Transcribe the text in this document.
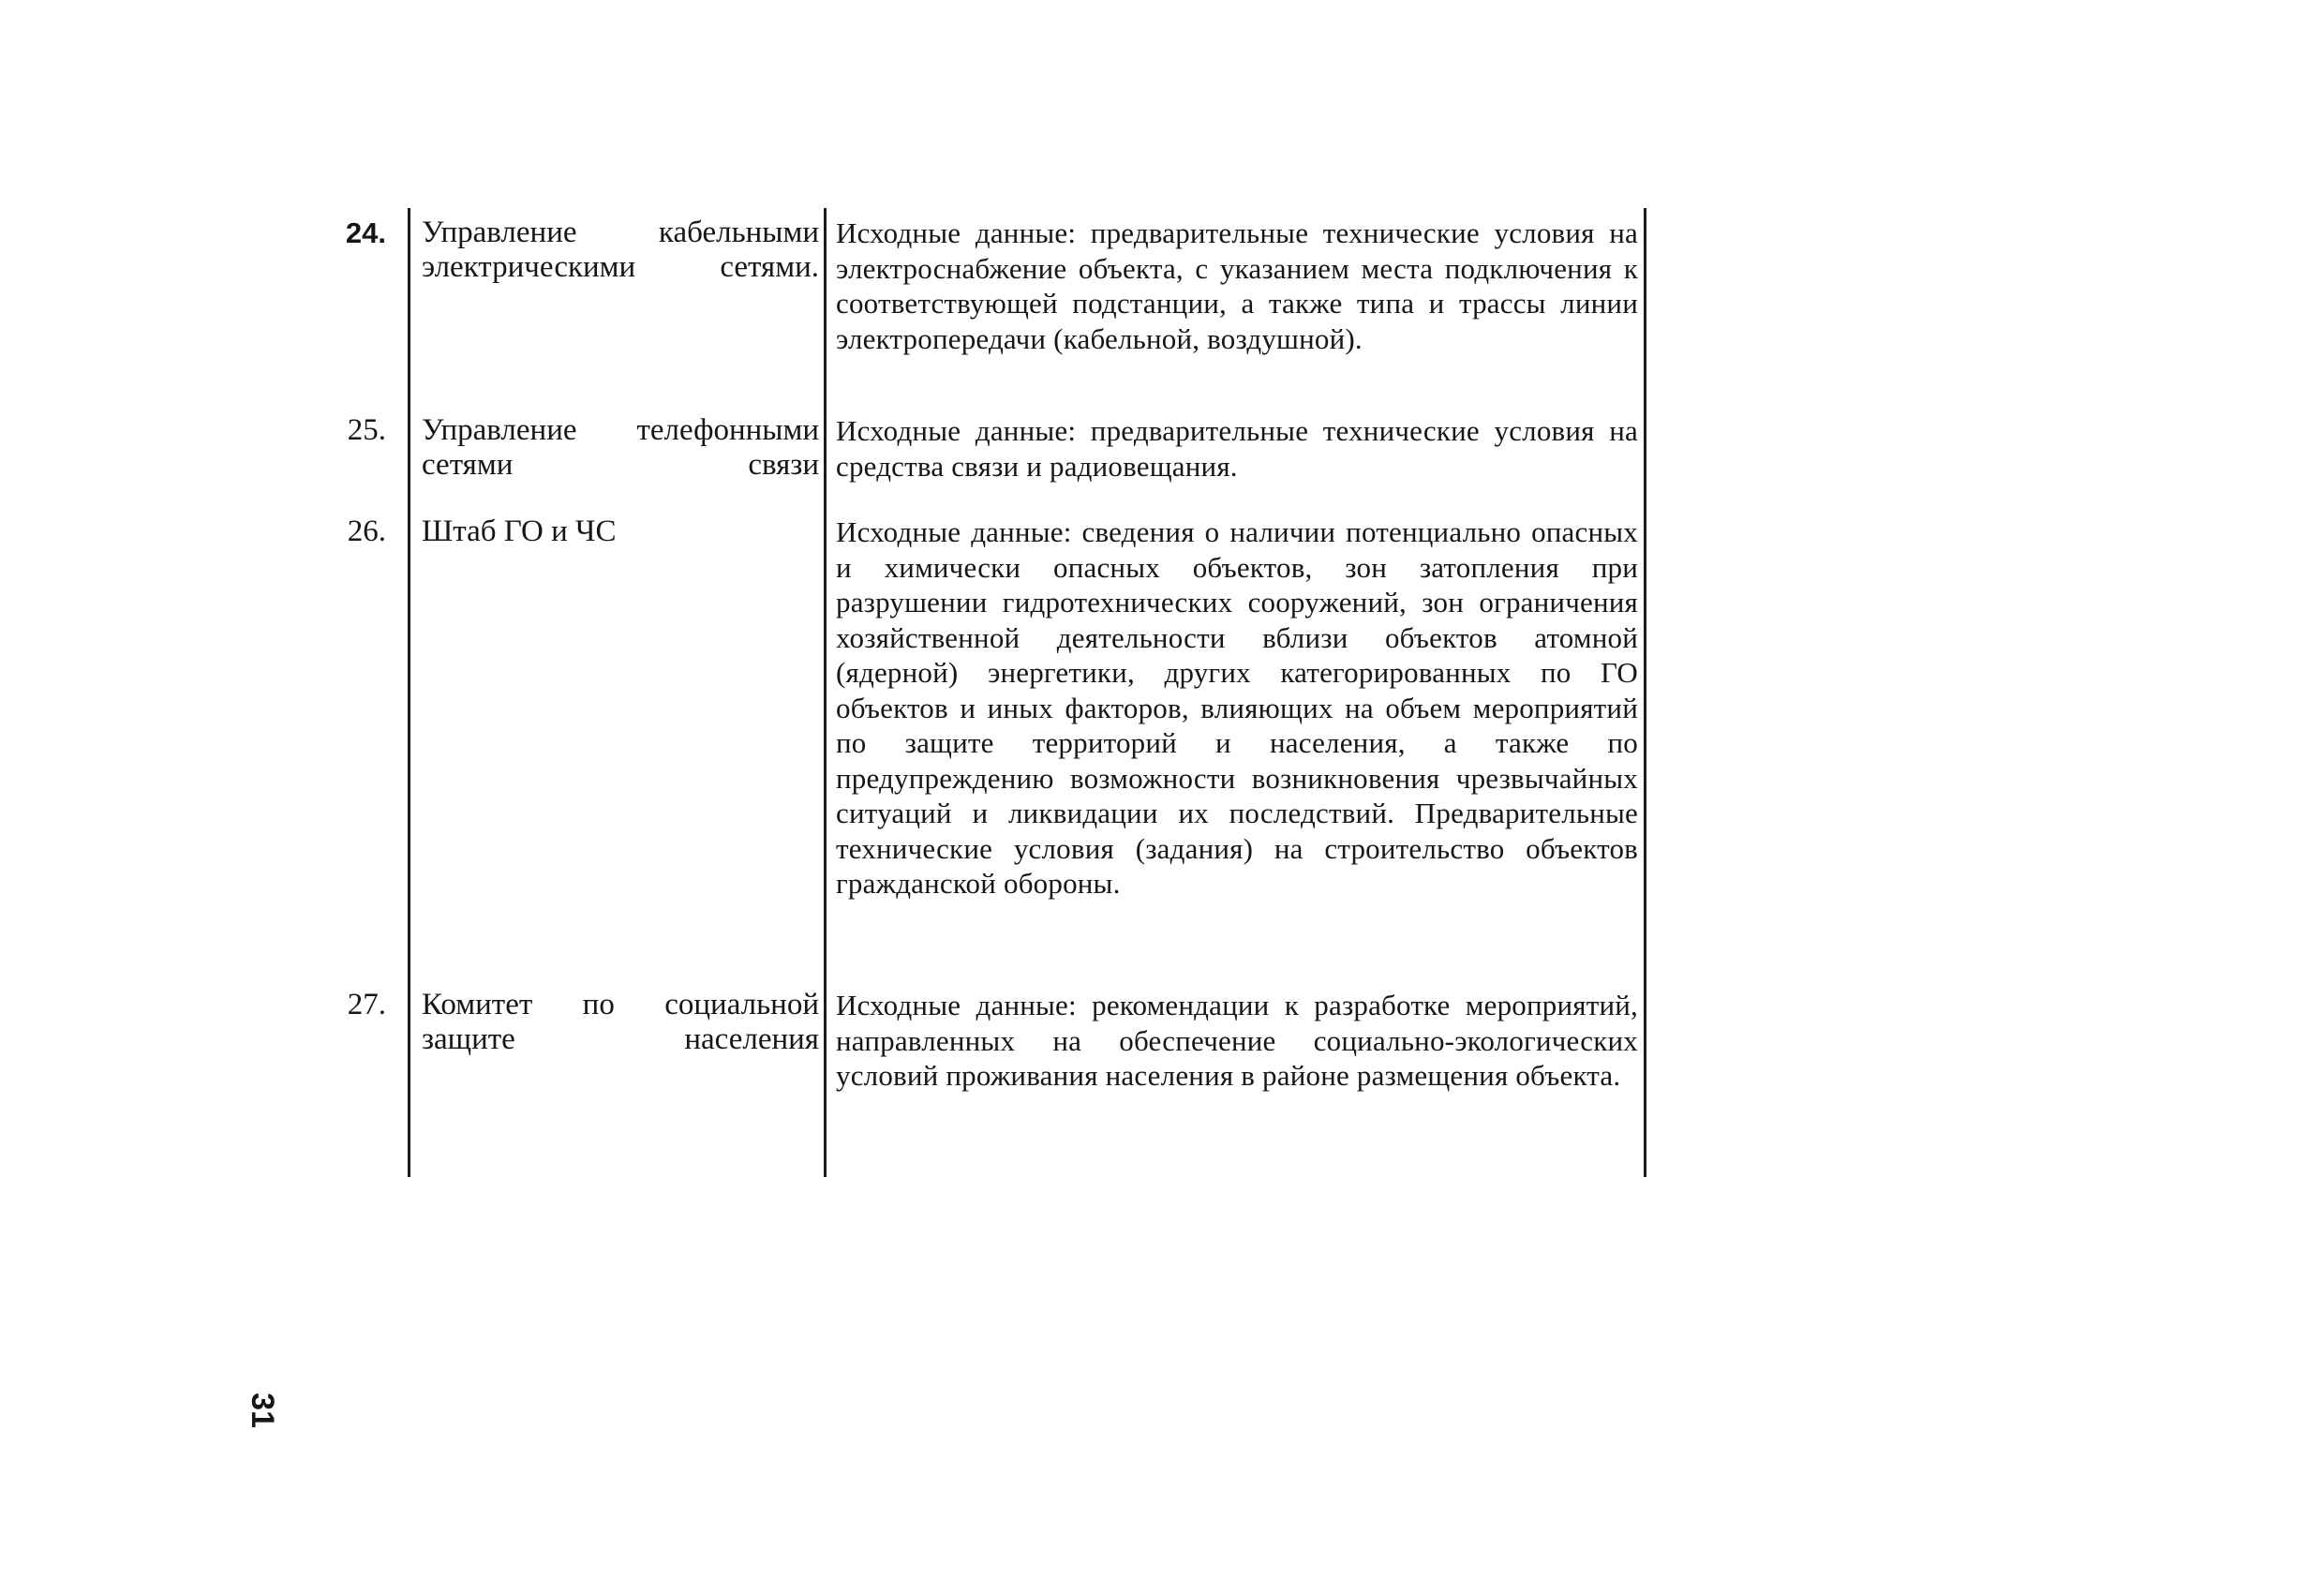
24. Управление кабельными электрическими сетями.
Исходные данные: предварительные технические условия на электроснабжение объекта, с указанием места подключения к соответствующей подстанции, а также типа и трассы линии электропередачи (кабельной, воздушной).
25. Управление телефонными сетями связи
Исходные данные: предварительные технические условия на средства связи и радиовещания.
26. Штаб ГО и ЧС	Исходные данные: сведения о наличии потенциально опасных и химически опасных объектов, зон затопления при разрушении гидротехнических сооружений, зон ограничения хозяйственной деятельности вблизи объектов атомной (ядерной) энергетики, других категорированных по ГО объектов и иных факторов, влияющих на объем мероприятий по защите территорий и населения, а также по предупреждению возможности возникновения чрезвычайных ситуаций и ликвидации их последствий. Предварительные технические условия (задания) на строительство объектов гражданской обороны.
27. Комитет по социальной защите населения
Исходные данные: рекомендации к разработке мероприятий, направленных на обеспечение социально-экологических условий проживания населения в районе размещения объекта.
31
